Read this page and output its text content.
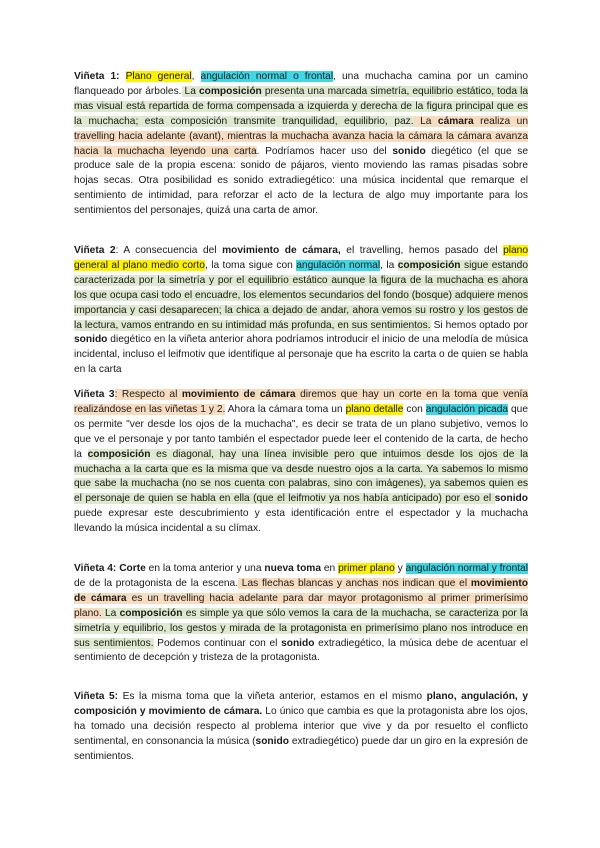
Viñeta 1: Plano general, angulación normal o frontal, una muchacha camina por un camino flanqueado por árboles. La composición presenta una marcada simetría, equilibrio estático, toda la mas visual está repartida de forma compensada a izquierda y derecha de la figura principal que es la muchacha; esta composición transmite tranquilidad, equilibrio, paz. La cámara realiza un travelling hacia adelante (avant), mientras la muchacha avanza hacia la cámara la cámara avanza hacia la muchacha leyendo una carta. Podríamos hacer uso del sonido diegético (el que se produce sale de la propia escena: sonido de pájaros, viento moviendo las ramas pisadas sobre hojas secas. Otra posibilidad es sonido extradiegético: una música incidental que remarque el sentimiento de intimidad, para reforzar el acto de la lectura de algo muy importante para los sentimientos del personajes, quizá una carta de amor.

Viñeta 2: A consecuencia del movimiento de cámara, el travelling, hemos pasado del plano general al plano medio corto, la toma sigue con angulación normal, la composición sigue estando caracterizada por la simetría y por el equilibrio estático aunque la figura de la muchacha es ahora los que ocupa casi todo el encuadre, los elementos secundarios del fondo (bosque) adquiere menos importancia y casi desaparecen; la chica a dejado de andar, ahora vemos su rostro y los gestos de la lectura, vamos entrando en su intimidad más profunda, en sus sentimientos. Si hemos optado por sonido diegético en la viñeta anterior ahora podríamos introducir el inicio de una melodía de música incidental, incluso el leifmotiv que identifique al personaje que ha escrito la carta o de quien se habla en la carta

Viñeta 3: Respecto al movimiento de cámara diremos que hay un corte en la toma que venía realizándose en las viñetas 1 y 2. Ahora la cámara toma un plano detalle con angulación picada que os permite "ver desde los ojos de la muchacha", es decir se trata de un plano subjetivo, vemos lo que ve el personaje y por tanto también el espectador puede leer el contenido de la carta, de hecho la composición es diagonal, hay una línea invisible pero que intuimos desde los ojos de la muchacha a la carta que es la misma que va desde nuestro ojos a la carta. Ya sabemos lo mismo que sabe la muchacha (no se nos cuenta con palabras, sino con imágenes), ya sabemos quien es el personaje de quien se habla en ella (que el leifmotiv ya nos había anticipado) por eso el sonido puede expresar este descubrimiento y esta identificación entre el espectador y la muchacha llevando la música incidental a su clímax.

Viñeta 4: Corte en la toma anterior y una nueva toma en primer plano y angulación normal y frontal de de la protagonista de la escena. Las flechas blancas y anchas nos indican que el movimiento de cámara es un travelling hacia adelante para dar mayor protagonismo al primer primerísimo plano. La composición es simple ya que sólo vemos la cara de la muchacha, se caracteriza por la simetría y equilibrio, los gestos y mirada de la protagonista en primerísimo plano nos introduce en sus sentimientos. Podemos continuar con el sonido extradiegético, la música debe de acentuar el sentimiento de decepción y tristeza de la protagonista.

Viñeta 5: Es la misma toma que la viñeta anterior, estamos en el mismo plano, angulación, y composición y movimiento de cámara. Lo único que cambia es que la protagonista abre los ojos, ha tomado una decisión respecto al problema interior que vive y da por resuelto el conflicto sentimental, en consonancia la música (sonido extradiegético) puede dar un giro en la expresión de sentimientos.
